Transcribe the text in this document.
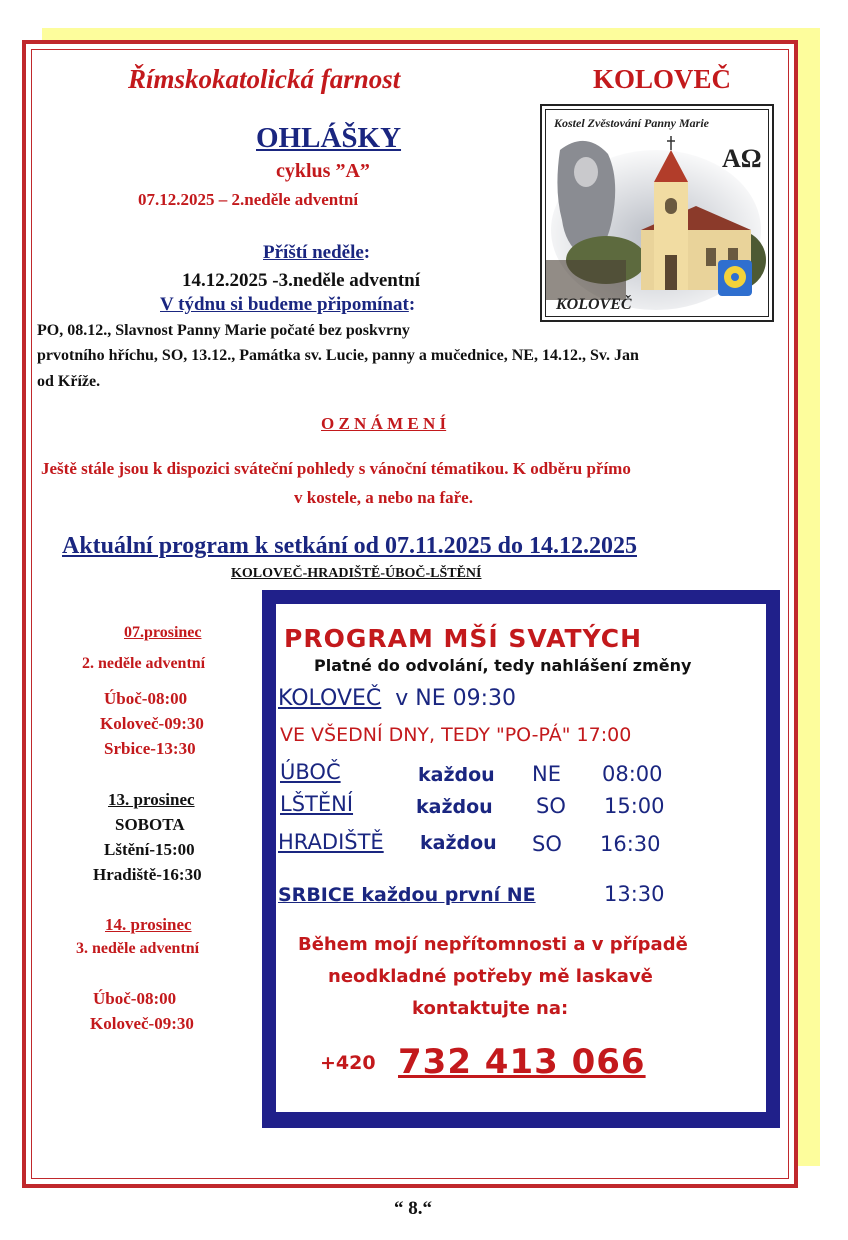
Římskokatolická farnost	KOLOVEČ
OHLÁŠKY
cyklus ”A”
07.12.2025 – 2.neděle adventní
Příští neděle:
14.12.2025 -3.neděle adventní
V týdnu si budeme připomínat:
PO, 08.12., Slavnost Panny Marie počaté bez poskvrny
prvotního hříchu, SO, 13.12., Památka sv. Lucie, panny a mučednice, NE, 14.12., Sv. Jan
od Kříže.
Kostel Zvěstování Panny Marie
AΩ
KOLOVEČ
O Z N Á M E N Í
Ještě stále jsou k dispozici sváteční pohledy s vánoční tématikou. K odběru přímo
v kostele, a nebo na faře.
Aktuální program k setkání od 07.11.2025 do 14.12.2025
KOLOVEČ-HRADIŠTĚ-ÚBOČ-LŠTĚNÍ
07.prosinec
2. neděle adventní
Úboč-08:00
Koloveč-09:30
Srbice-13:30
13. prosinec
SOBOTA
Lštění-15:00
Hradiště-16:30
14. prosinec
3. neděle adventní
Úboč-08:00
Koloveč-09:30
PROGRAM MŠÍ SVATÝCH
Platné do odvolání, tedy nahlášení změny
KOLOVEČ v NE 09:30
VE VŠEDNÍ DNY, TEDY "PO-PÁ" 17:00
ÚBOČ	každou NE 08:00
LŠTĚNÍ	každou SO 15:00
HRADIŠTĚ každou SO 16:30
SRBICE každou první NE	13:30
Během mojí nepřítomnosti a v případě
neodkladné potřeby mě laskavě
kontaktujte na:
+420 732 413 066
“ 8.“
